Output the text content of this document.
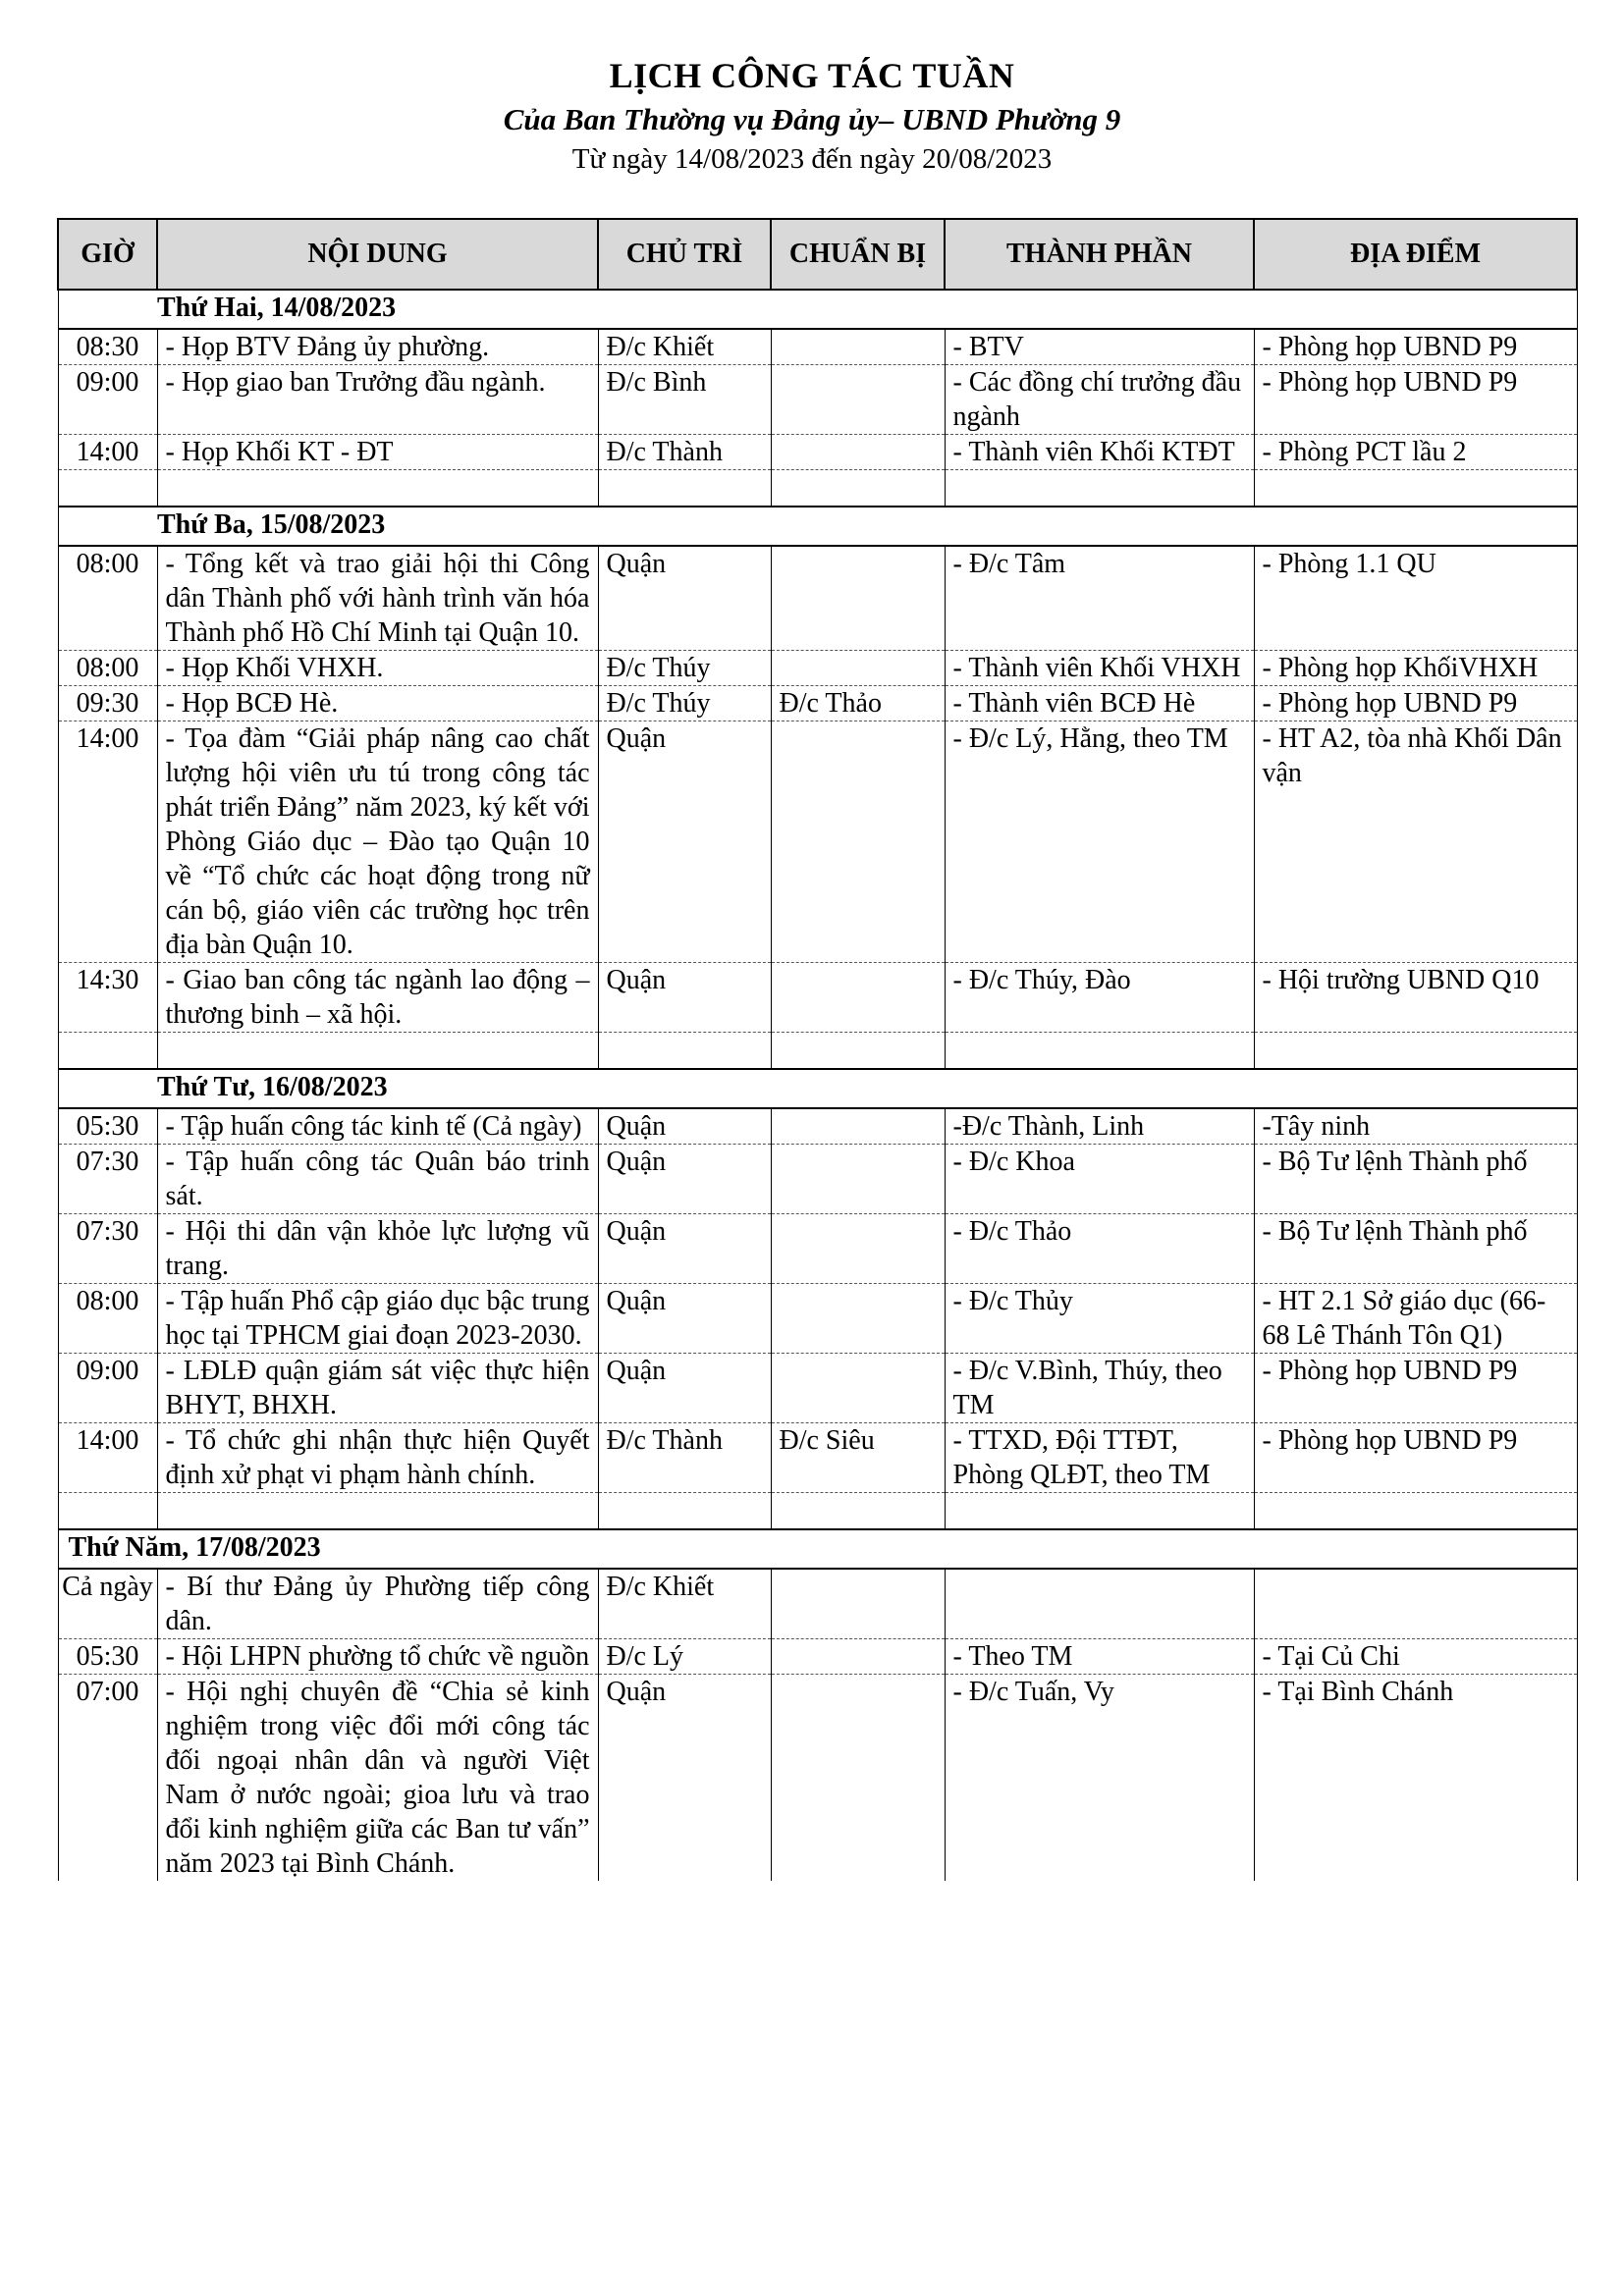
LỊCH CÔNG TÁC TUẦN
Của Ban Thường vụ Đảng ủy– UBND Phường 9
Từ ngày 14/08/2023 đến ngày 20/08/2023
GIỜ	NỘI DUNG	CHỦ TRÌ	CHUẨN BỊ	THÀNH PHẦN	ĐỊA ĐIỂM
	Thứ Hai, 14/08/2023				
08:30	- Họp BTV Đảng ủy phường.	Đ/c Khiết		- BTV	- Phòng họp UBND P9
09:00	- Họp giao ban Trưởng đầu ngành.	Đ/c Bình		- Các đồng chí trưởng đầu ngành	- Phòng họp UBND P9
14:00	- Họp Khối KT - ĐT	Đ/c Thành		- Thành viên Khối KTĐT	- Phòng PCT lầu 2

	Thứ Ba, 15/08/2023				
08:00	- Tổng kết và trao giải hội thi Công dân Thành phố với hành trình văn hóa Thành phố Hồ Chí Minh tại Quận 10.	Quận		- Đ/c Tâm	- Phòng 1.1 QU
08:00	- Họp Khối VHXH.	Đ/c Thúy		- Thành viên Khối VHXH	- Phòng họp KhốiVHXH
09:30	- Họp BCĐ Hè.	Đ/c Thúy	Đ/c Thảo	- Thành viên BCĐ Hè	- Phòng họp UBND P9
14:00	- Tọa đàm “Giải pháp nâng cao chất lượng hội viên ưu tú trong công tác phát triển Đảng” năm 2023, ký kết với Phòng Giáo dục – Đào tạo Quận 10 về “Tổ chức các hoạt động trong nữ cán bộ, giáo viên các trường học trên địa bàn Quận 10.	Quận		- Đ/c Lý, Hằng, theo TM	- HT A2, tòa nhà Khối Dân vận
14:30	- Giao ban công tác ngành lao động – thương binh – xã hội.	Quận		- Đ/c Thúy, Đào	- Hội trường UBND Q10

	Thứ Tư, 16/08/2023				
05:30	- Tập huấn công tác kinh tế (Cả ngày)	Quận		-Đ/c Thành, Linh	-Tây ninh
07:30	- Tập huấn công tác Quân báo trinh sát.	Quận		- Đ/c Khoa	- Bộ Tư lệnh Thành phố
07:30	- Hội thi dân vận khỏe lực lượng vũ trang.	Quận		- Đ/c Thảo	- Bộ Tư lệnh Thành phố
08:00	- Tập huấn Phổ cập giáo dục bậc trung học tại TPHCM giai đoạn 2023-2030.	Quận		- Đ/c Thủy	- HT 2.1 Sở giáo dục (66-68 Lê Thánh Tôn Q1)
09:00	- LĐLĐ quận giám sát việc thực hiện BHYT, BHXH.	Quận		- Đ/c V.Bình, Thúy, theo TM	- Phòng họp UBND P9
14:00	- Tổ chức ghi nhận thực hiện Quyết định xử phạt vi phạm hành chính.	Đ/c Thành	Đ/c Siêu	- TTXD, Đội TTĐT, Phòng QLĐT, theo TM	- Phòng họp UBND P9

Thứ Năm, 17/08/2023					
Cả ngày	- Bí thư Đảng ủy Phường tiếp công dân.	Đ/c Khiết			
05:30	- Hội LHPN phường tổ chức về nguồn	Đ/c Lý		- Theo TM	- Tại Củ Chi
07:00	- Hội nghị chuyên đề “Chia sẻ kinh nghiệm trong việc đổi mới công tác đối ngoại nhân dân và người Việt Nam ở nước ngoài; gioa lưu và trao đổi kinh nghiệm giữa các Ban tư vấn” năm 2023 tại Bình Chánh.	Quận		- Đ/c Tuấn, Vy	- Tại Bình Chánh
